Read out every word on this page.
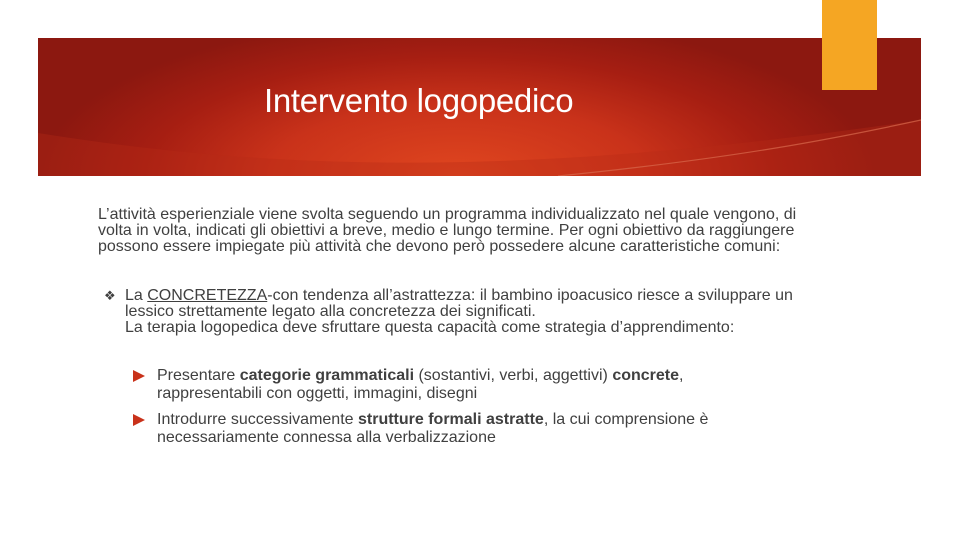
Intervento logopedico
L’attività esperienziale viene svolta seguendo un programma individualizzato nel quale vengono, di volta in volta, indicati gli obiettivi a breve, medio e lungo termine. Per ogni obiettivo da raggiungere possono essere impiegate più attività che devono però possedere alcune caratteristiche comuni:
❖ La CONCRETEZZA-con tendenza all’astrattezza: il bambino ipoacusico riesce a sviluppare un lessico strettamente legato alla concretezza dei significati.
La terapia logopedica deve sfruttare questa capacità come strategia d’apprendimento:
Presentare categorie grammaticali (sostantivi, verbi, aggettivi) concrete, rappresentabili con oggetti, immagini, disegni
Introdurre successivamente strutture formali astratte, la cui comprensione è necessariamente connessa alla verbalizzazione
